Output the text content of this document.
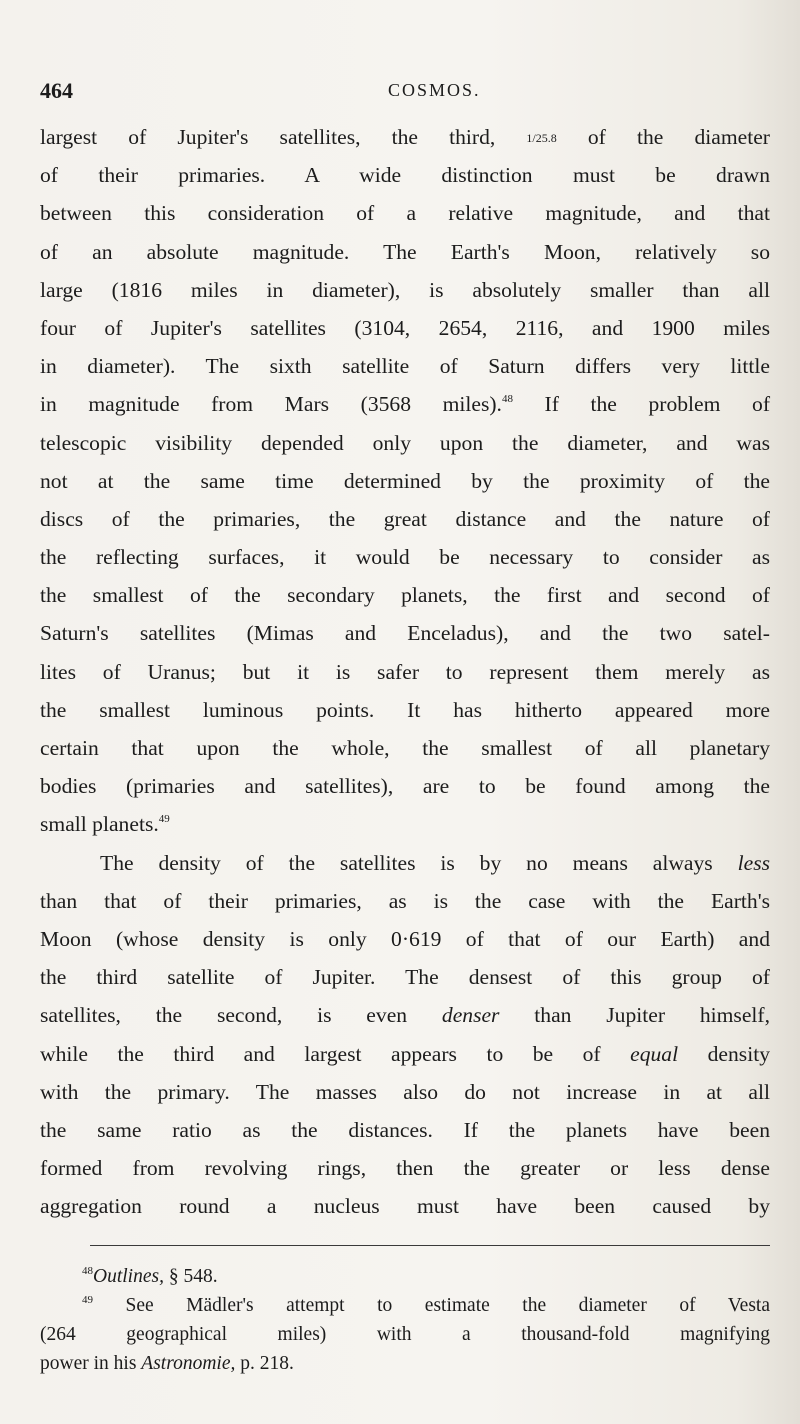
464	COSMOS.
largest of Jupiter's satellites, the third, 1/25.8 of the diameter
of their primaries. A wide distinction must be drawn
between this consideration of a relative magnitude, and that
of an absolute magnitude. The Earth's Moon, relatively so
large (1816 miles in diameter), is absolutely smaller than all
four of Jupiter's satellites (3104, 2654, 2116, and 1900 miles
in diameter). The sixth satellite of Saturn differs very little
in magnitude from Mars (3568 miles).$^{48}$ If the problem of
telescopic visibility depended only upon the diameter, and was
not at the same time determined by the proximity of the
discs of the primaries, the great distance and the nature of
the reflecting surfaces, it would be necessary to consider as
the smallest of the secondary planets, the first and second of
Saturn's satellites (Mimas and Enceladus), and the two satel-
lites of Uranus; but it is safer to represent them merely as
the smallest luminous points. It has hitherto appeared more
certain that upon the whole, the smallest of all planetary
bodies (primaries and satellites), are to be found among the
small planets.$^{49}$
The density of the satellites is by no means always less
than that of their primaries, as is the case with the Earth's
Moon (whose density is only 0·619 of that of our Earth) and
the third satellite of Jupiter. The densest of this group of
satellites, the second, is even denser than Jupiter himself,
while the third and largest appears to be of equal density
with the primary. The masses also do not increase in at all
the same ratio as the distances. If the planets have been
formed from revolving rings, then the greater or less dense
aggregation round a nucleus must have been caused by
$^{48}$Outlines, § 548.
$^{49}$ See Mädler's attempt to estimate the diameter of Vesta
(264 geographical miles) with a thousand-fold magnifying
power in his Astronomie, p. 218.
